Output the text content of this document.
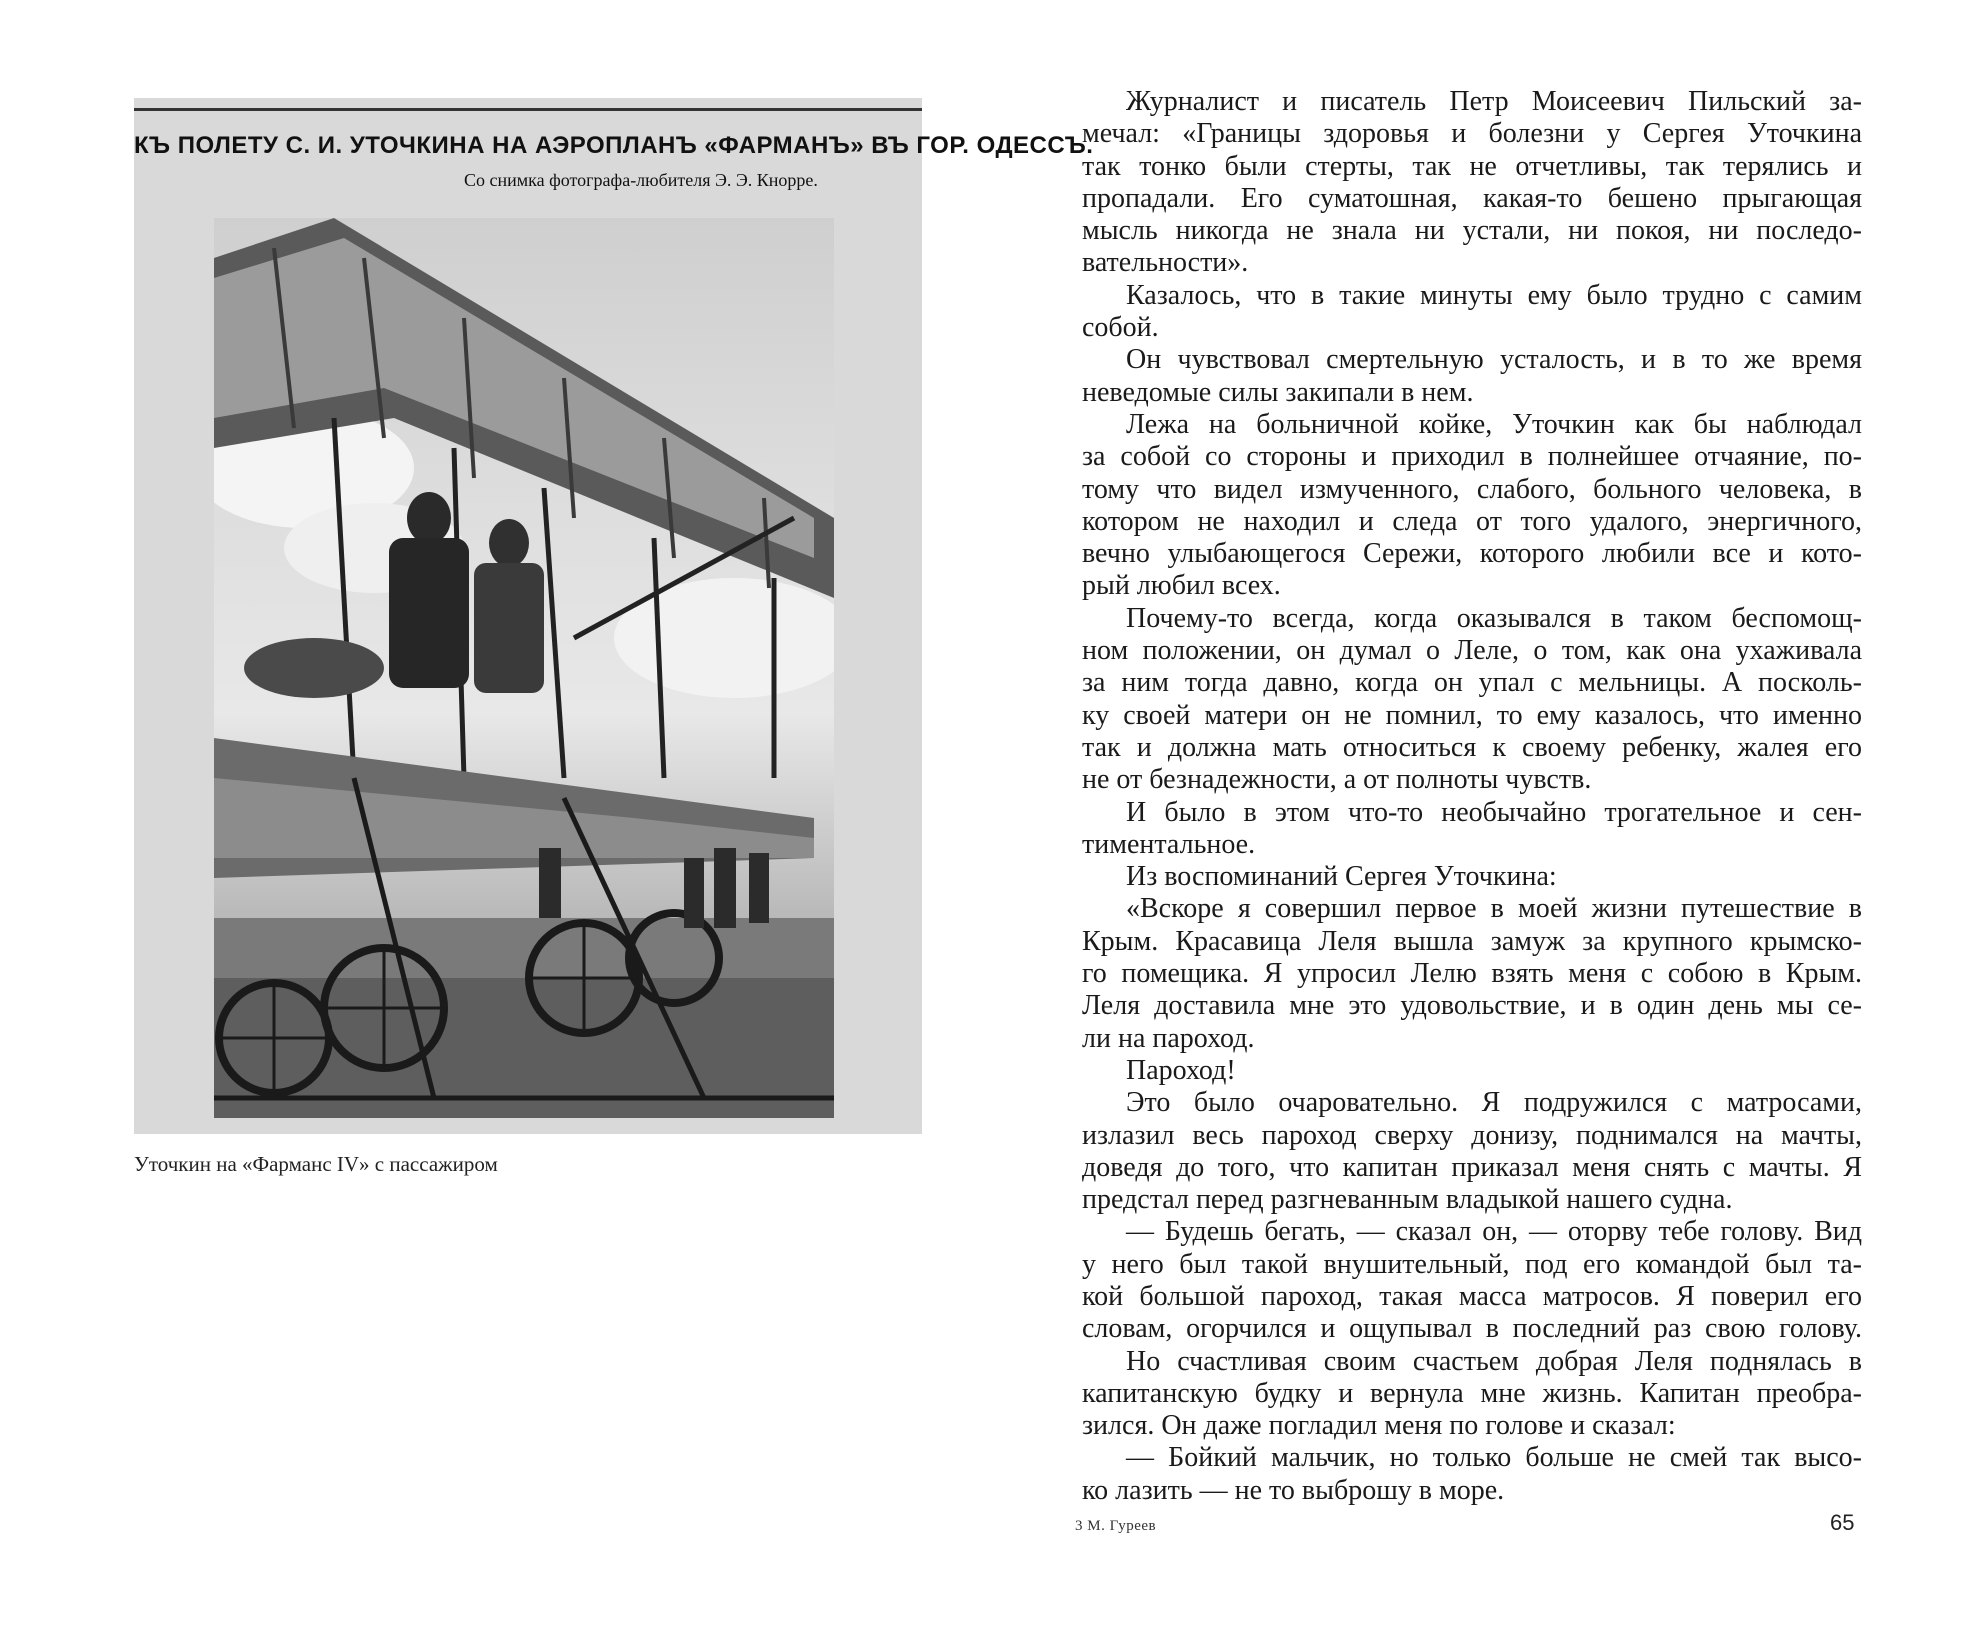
КЪ ПОЛЕТУ С. И. УТОЧКИНА НА АЭРОПЛАНЪ «ФАРМАНЪ» ВЪ ГОР. ОДЕССЪ.
Со снимка фотографа-любителя Э. Э. Кнорре.
Уточкин на «Фарманс IV» с пассажиром
3 М. Гуреев	65
Журналист и писатель Петр Моисеевич Пильский за-
мечал: «Границы здоровья и болезни у Сергея Уточкина
так тонко были стерты, так не отчетливы, так терялись и
пропадали. Его суматошная, какая-то бешено прыгающая
мысль никогда не знала ни устали, ни покоя, ни последо-
вательности».
Казалось, что в такие минуты ему было трудно с самим
собой.
Он чувствовал смертельную усталость, и в то же время
неведомые силы закипали в нем.
Лежа на больничной койке, Уточкин как бы наблюдал
за собой со стороны и приходил в полнейшее отчаяние, по-
тому что видел измученного, слабого, больного человека, в
котором не находил и следа от того удалого, энергичного,
вечно улыбающегося Сережи, которого любили все и кото-
рый любил всех.
Почему-то всегда, когда оказывался в таком беспомощ-
ном положении, он думал о Леле, о том, как она ухаживала
за ним тогда давно, когда он упал с мельницы. А посколь-
ку своей матери он не помнил, то ему казалось, что именно
так и должна мать относиться к своему ребенку, жалея его
не от безнадежности, а от полноты чувств.
И было в этом что-то необычайно трогательное и сен-
тиментальное.
Из воспоминаний Сергея Уточкина:
«Вскоре я совершил первое в моей жизни путешествие в
Крым. Красавица Леля вышла замуж за крупного крымско-
го помещика. Я упросил Лелю взять меня с собою в Крым.
Леля доставила мне это удовольствие, и в один день мы се-
ли на пароход.
Пароход!
Это было очаровательно. Я подружился с матросами,
излазил весь пароход сверху донизу, поднимался на мачты,
доведя до того, что капитан приказал меня снять с мачты. Я
предстал перед разгневанным владыкой нашего судна.
— Будешь бегать, — сказал он, — оторву тебе голову. Вид
у него был такой внушительный, под его командой был та-
кой большой пароход, такая масса матросов. Я поверил его
словам, огорчился и ощупывал в последний раз свою голову.
Но счастливая своим счастьем добрая Леля поднялась в
капитанскую будку и вернула мне жизнь. Капитан преобра-
зился. Он даже погладил меня по голове и сказал:
— Бойкий мальчик, но только больше не смей так высо-
ко лазить — не то выброшу в море.
